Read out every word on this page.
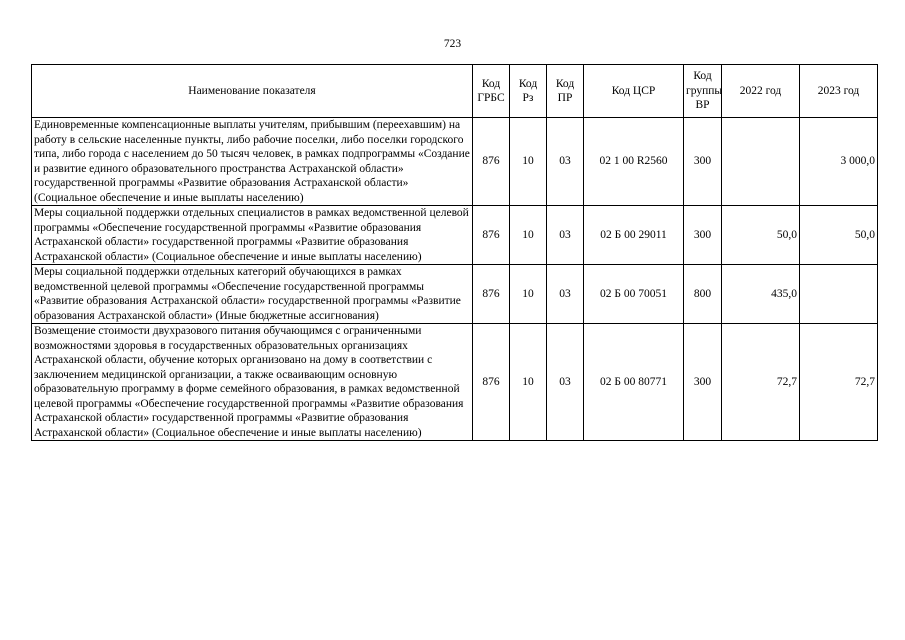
723
Наименование показателя	Код ГРБС	Код Рз	Код ПР	Код ЦСР	Код группы ВР	2022 год	2023 год
Единовременные компенсационные выплаты учителям, прибывшим (переехавшим) на работу в сельские населенные пункты, либо рабочие поселки, либо поселки городского типа, либо города с населением до 50 тысяч человек, в рамках подпрограммы «Создание и развитие единого образовательного пространства Астраханской области» государственной программы «Развитие образования Астраханской области» (Социальное обеспечение и иные выплаты населению)	876	10	03	02 1 00 R2560	300		3 000,0
Меры социальной поддержки отдельных специалистов в рамках ведомственной целевой программы «Обеспечение государственной программы «Развитие образования Астраханской области» государственной программы «Развитие образования Астраханской области» (Социальное обеспечение и иные выплаты населению)	876	10	03	02 Б 00 29011	300	50,0	50,0
Меры социальной поддержки отдельных категорий обучающихся в рамках ведомственной целевой программы «Обеспечение государственной программы «Развитие образования Астраханской области» государственной программы «Развитие образования Астраханской области» (Иные бюджетные ассигнования)	876	10	03	02 Б 00 70051	800	435,0	
Возмещение стоимости двухразового питания обучающимся с ограниченными возможностями здоровья в государственных образовательных организациях Астраханской области, обучение которых организовано на дому в соответствии с заключением медицинской организации, а также осваивающим основную образовательную программу в форме семейного образования, в рамках ведомственной целевой программы «Обеспечение государственной программы «Развитие образования Астраханской области» государственной программы «Развитие образования Астраханской области» (Социальное обеспечение и иные выплаты населению)	876	10	03	02 Б 00 80771	300	72,7	72,7
